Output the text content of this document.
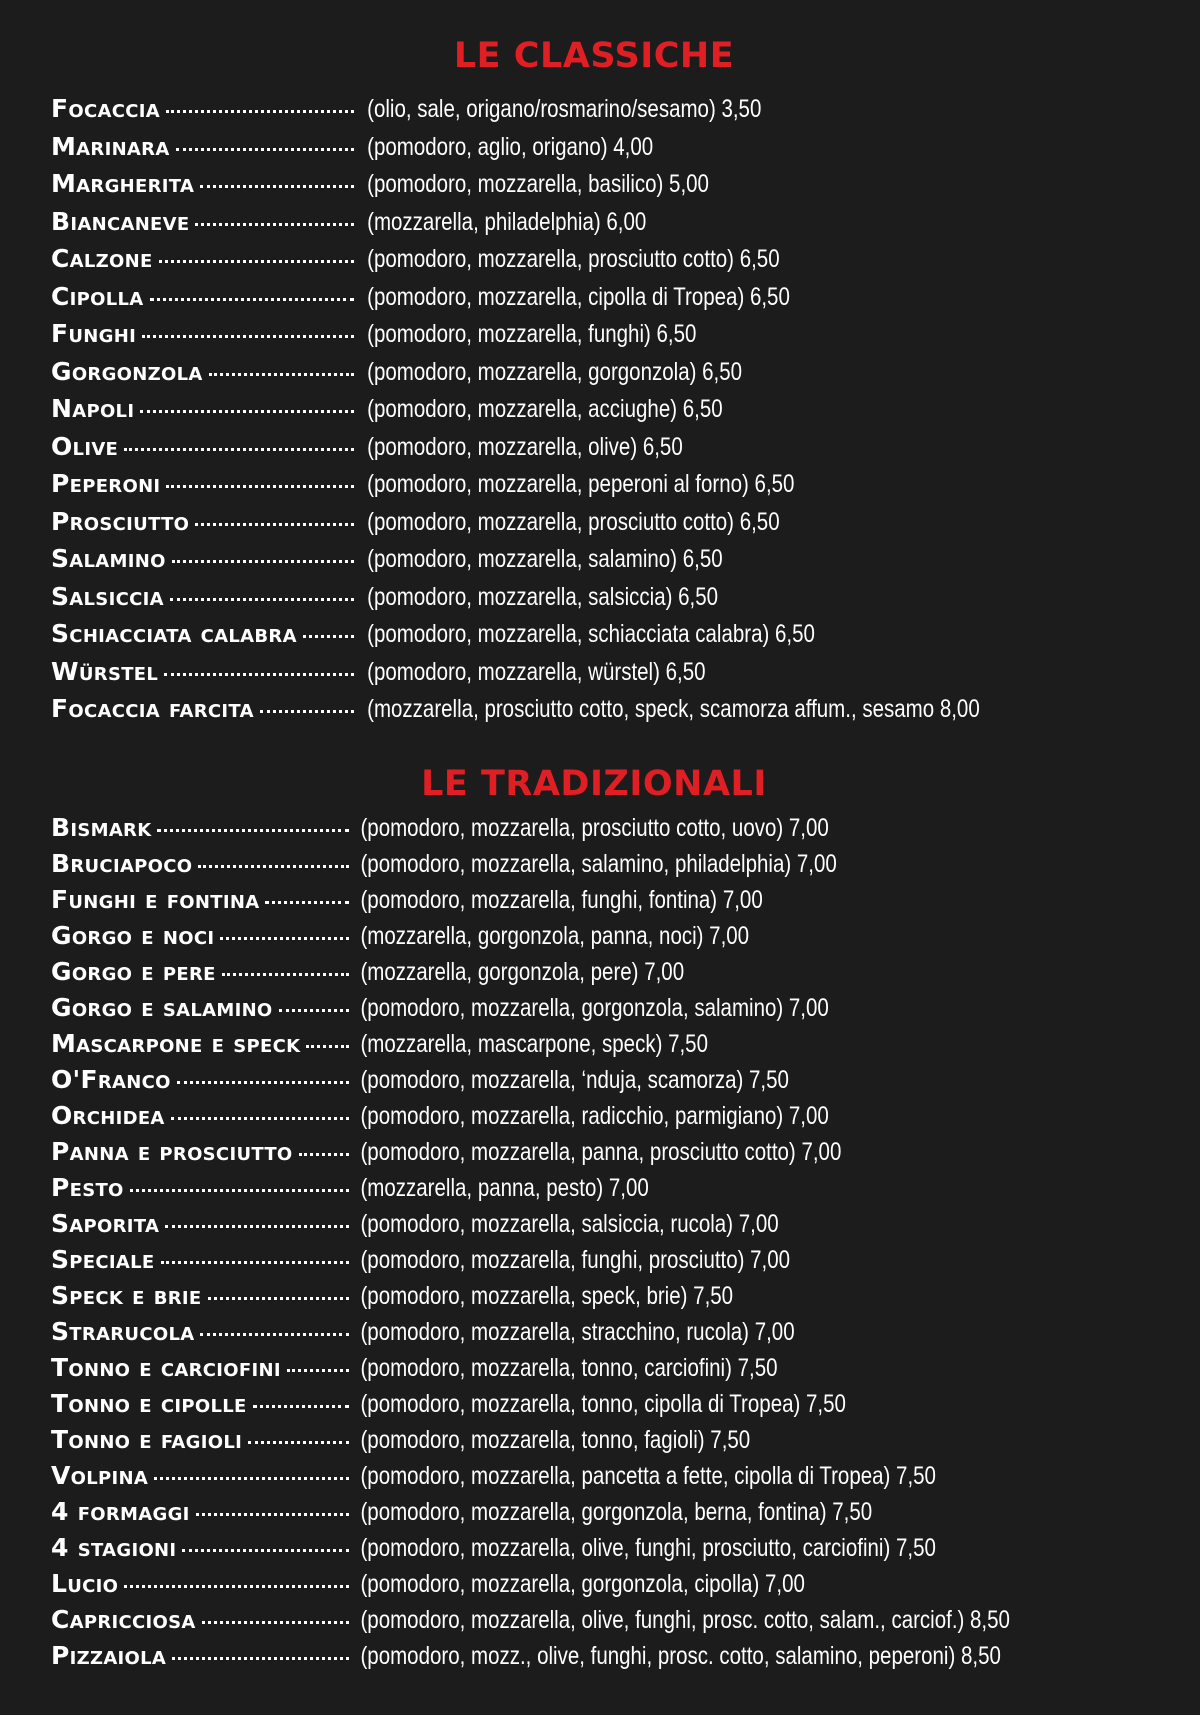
LE CLASSICHE
Focaccia	(olio, sale, origano/rosmarino/sesamo) 3,50
Marinara	(pomodoro, aglio, origano) 4,00
Margherita	(pomodoro, mozzarella, basilico) 5,00
Biancaneve	(mozzarella, philadelphia) 6,00
Calzone	(pomodoro, mozzarella, prosciutto cotto) 6,50
Cipolla	(pomodoro, mozzarella, cipolla di Tropea) 6,50
Funghi	(pomodoro, mozzarella, funghi) 6,50
Gorgonzola	(pomodoro, mozzarella, gorgonzola) 6,50
Napoli	(pomodoro, mozzarella, acciughe) 6,50
Olive	(pomodoro, mozzarella, olive) 6,50
Peperoni	(pomodoro, mozzarella, peperoni al forno) 6,50
Prosciutto	(pomodoro, mozzarella, prosciutto cotto) 6,50
Salamino	(pomodoro, mozzarella, salamino) 6,50
Salsiccia	(pomodoro, mozzarella, salsiccia) 6,50
Schiacciata calabra	(pomodoro, mozzarella, schiacciata calabra) 6,50
Würstel	(pomodoro, mozzarella, würstel) 6,50
Focaccia farcita	(mozzarella, prosciutto cotto, speck, scamorza affum., sesamo 8,00
LE TRADIZIONALI
Bismark	(pomodoro, mozzarella, prosciutto cotto, uovo) 7,00
Bruciapoco	(pomodoro, mozzarella, salamino, philadelphia) 7,00
Funghi e fontina	(pomodoro, mozzarella, funghi, fontina) 7,00
Gorgo e noci	(mozzarella, gorgonzola, panna, noci) 7,00
Gorgo e pere	(mozzarella, gorgonzola, pere) 7,00
Gorgo e salamino	(pomodoro, mozzarella, gorgonzola, salamino) 7,00
Mascarpone e speck	(mozzarella, mascarpone, speck) 7,50
O'Franco	(pomodoro, mozzarella, ‘nduja, scamorza) 7,50
Orchidea	(pomodoro, mozzarella, radicchio, parmigiano) 7,00
Panna e prosciutto	(pomodoro, mozzarella, panna, prosciutto cotto) 7,00
Pesto	(mozzarella, panna, pesto) 7,00
Saporita	(pomodoro, mozzarella, salsiccia, rucola) 7,00
Speciale	(pomodoro, mozzarella, funghi, prosciutto) 7,00
Speck e brie	(pomodoro, mozzarella, speck, brie) 7,50
Strarucola	(pomodoro, mozzarella, stracchino, rucola) 7,00
Tonno e carciofini	(pomodoro, mozzarella, tonno, carciofini) 7,50
Tonno e cipolle	(pomodoro, mozzarella, tonno, cipolla di Tropea) 7,50
Tonno e fagioli	(pomodoro, mozzarella, tonno, fagioli) 7,50
Volpina	(pomodoro, mozzarella, pancetta a fette, cipolla di Tropea) 7,50
4 formaggi	(pomodoro, mozzarella, gorgonzola, berna, fontina) 7,50
4 stagioni	(pomodoro, mozzarella, olive, funghi, prosciutto, carciofini) 7,50
Lucio	(pomodoro, mozzarella, gorgonzola, cipolla) 7,00
Capricciosa	(pomodoro, mozzarella, olive, funghi, prosc. cotto, salam., carciof.) 8,50
Pizzaiola	(pomodoro, mozz., olive, funghi, prosc. cotto, salamino, peperoni) 8,50
